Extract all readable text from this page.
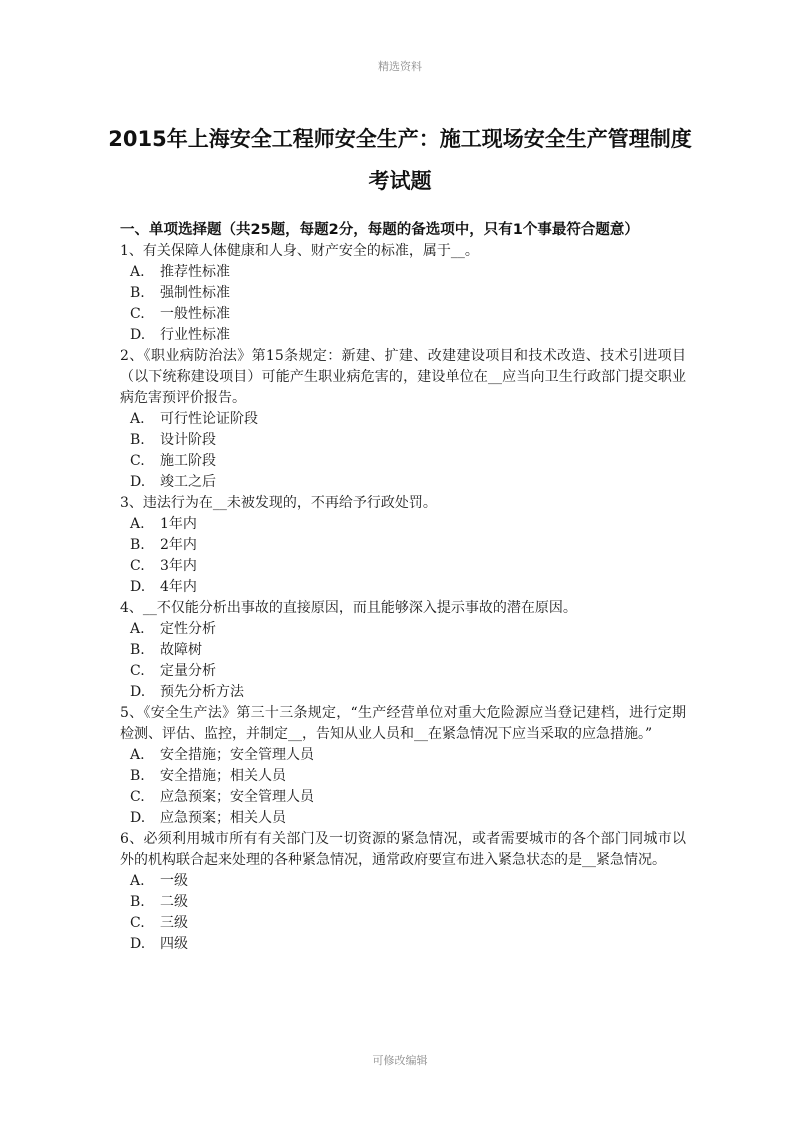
精选资料
2015年上海安全工程师安全生产：施工现场安全生产管理制度考试题

一、单项选择题（共25题，每题2分，每题的备选项中，只有1个事最符合题意）

1、有关保障人体健康和人身、财产安全的标准，属于__。

A. 推荐性标准
B. 强制性标准
C. 一般性标准
D. 行业性标准

2、《职业病防治法》第15条规定：新建、扩建、改建建设项目和技术改造、技术引进项目（以下统称建设项目）可能产生职业病危害的，建设单位在__应当向卫生行政部门提交职业病危害预评价报告。

A. 可行性论证阶段
B. 设计阶段
C. 施工阶段
D. 竣工之后

3、违法行为在__未被发现的，不再给予行政处罚。

A. 1年内
B. 2年内
C. 3年内
D. 4年内

4、__不仅能分析出事故的直接原因，而且能够深入提示事故的潜在原因。

A. 定性分析
B. 故障树
C. 定量分析
D. 预先分析方法

5、《安全生产法》第三十三条规定，“生产经营单位对重大危险源应当登记建档，进行定期检测、评估、监控，并制定__，告知从业人员和__在紧急情况下应当采取的应急措施。”

A. 安全措施；安全管理人员
B. 安全措施；相关人员
C. 应急预案；安全管理人员
D. 应急预案；相关人员

6、必须利用城市所有有关部门及一切资源的紧急情况，或者需要城市的各个部门同城市以外的机构联合起来处理的各种紧急情况，通常政府要宣布进入紧急状态的是__紧急情况。

A. 一级
B. 二级
C. 三级
D. 四级
可修改编辑
